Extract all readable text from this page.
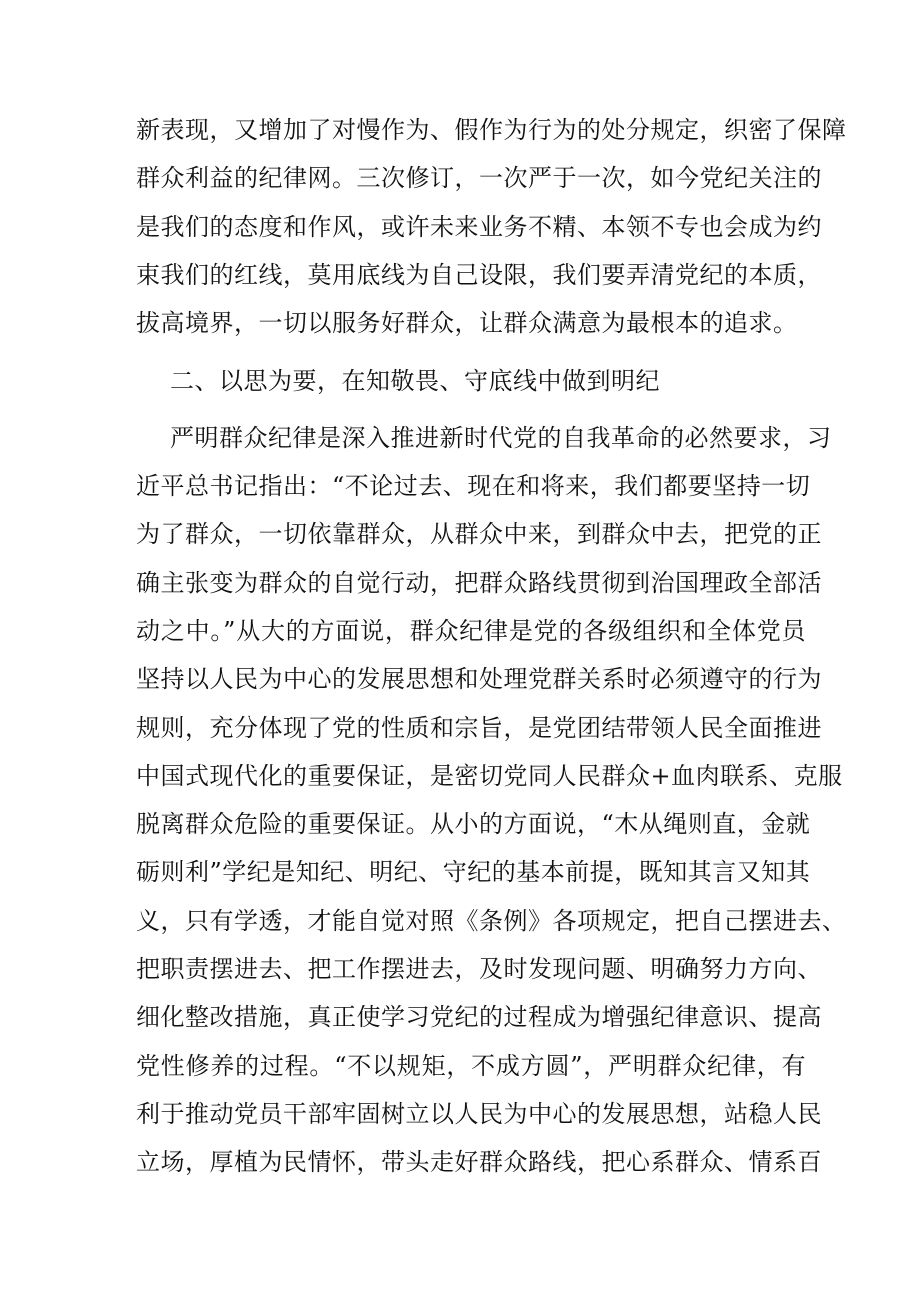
新表现，又增加了对慢作为、假作为行为的处分规定，织密了保障
群众利益的纪律网。三次修订，一次严于一次，如今党纪关注的
是我们的态度和作风，或许未来业务不精、本领不专也会成为约
束我们的红线，莫用底线为自己设限，我们要弄清党纪的本质，
拔高境界，一切以服务好群众，让群众满意为最根本的追求。
二、以思为要，在知敬畏、守底线中做到明纪
严明群众纪律是深入推进新时代党的自我革命的必然要求，习
近平总书记指出：“不论过去、现在和将来，我们都要坚持一切
为了群众，一切依靠群众，从群众中来，到群众中去，把党的正
确主张变为群众的自觉行动，把群众路线贯彻到治国理政全部活
动之中。”从大的方面说，群众纪律是党的各级组织和全体党员
坚持以人民为中心的发展思想和处理党群关系时必须遵守的行为
规则，充分体现了党的性质和宗旨，是党团结带领人民全面推进
中国式现代化的重要保证，是密切党同人民群众+血肉联系、克服
脱离群众危险的重要保证。从小的方面说，“木从绳则直，金就
砺则利”学纪是知纪、明纪、守纪的基本前提，既知其言又知其
义，只有学透，才能自觉对照《条例》各项规定，把自己摆进去、
把职责摆进去、把工作摆进去，及时发现问题、明确努力方向、
细化整改措施，真正使学习党纪的过程成为增强纪律意识、提高
党性修养的过程。“不以规矩，不成方圆”，严明群众纪律，有
利于推动党员干部牢固树立以人民为中心的发展思想，站稳人民
立场，厚植为民情怀，带头走好群众路线，把心系群众、情系百
